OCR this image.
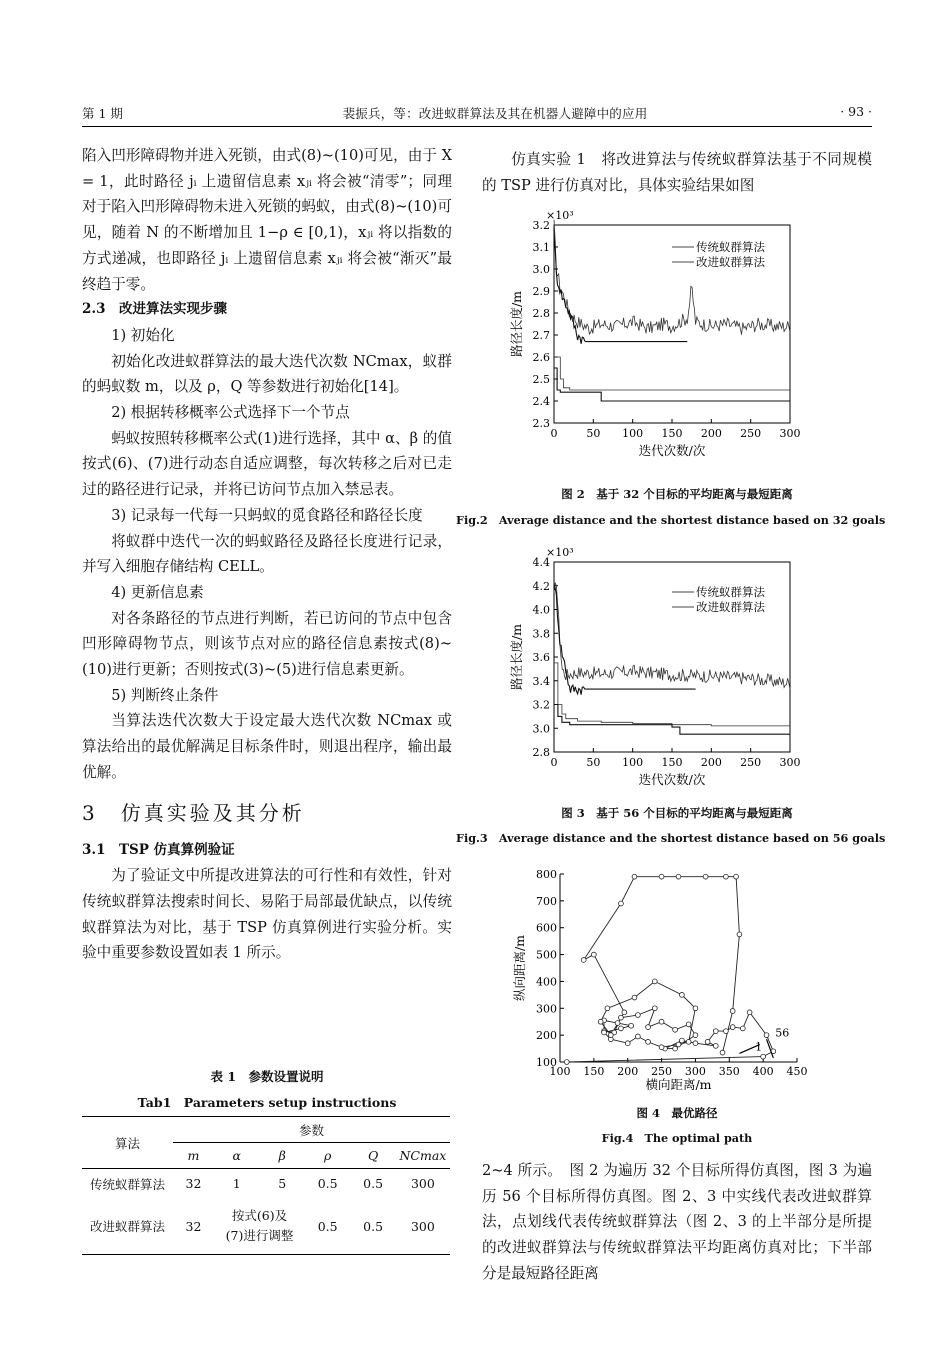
第 1 期	裴振兵，等：改进蚁群算法及其在机器人避障中的应用	· 93 ·

陷入凹形障碍物并进入死锁，由式(8)~(10)可见，由于 X = 1，此时路径 jᵢ 上遗留信息素 xⱼᵢ 将会被“清零”；同理对于陷入凹形障碍物未进入死锁的蚂蚁，由式(8)~(10)可见，随着 N 的不断增加且 1−ρ ∈ [0,1)，xⱼᵢ 将以指数的方式递减，也即路径 jᵢ 上遗留信息素 xⱼᵢ 将会被“渐灭”最终趋于零。

2.3　改进算法实现步骤

1) 初始化

初始化改进蚁群算法的最大迭代次数 NCmax，蚁群的蚂蚁数 m，以及 ρ，Q 等参数进行初始化[14]。

2) 根据转移概率公式选择下一个节点

蚂蚁按照转移概率公式(1)进行选择，其中 α、β 的值按式(6)、(7)进行动态自适应调整，每次转移之后对已走过的路径进行记录，并将已访问节点加入禁忌表。

3) 记录每一代每一只蚂蚁的觅食路径和路径长度

将蚁群中迭代一次的蚂蚁路径及路径长度进行记录，并写入细胞存储结构 CELL。

4) 更新信息素

对各条路径的节点进行判断，若已访问的节点中包含凹形障碍物节点，则该节点对应的路径信息素按式(8)~(10)进行更新；否则按式(3)~(5)进行信息素更新。

5) 判断终止条件

当算法迭代次数大于设定最大迭代次数 NCmax 或算法给出的最优解满足目标条件时，则退出程序，输出最优解。

3　仿真实验及其分析

3.1　TSP 仿真算例验证

为了验证文中所提改进算法的可行性和有效性，针对传统蚁群算法搜索时间长、易陷于局部最优缺点，以传统蚁群算法为对比，基于 TSP 仿真算例进行实验分析。实验中重要参数设置如表 1 所示。

表 1　参数设置说明
Tab1　Parameters setup instructions

算法	参数					
	m	α	β	ρ	Q	NCmax
传统蚁群算法	32	1	5	0.5	0.5	300
改进蚁群算法	32	按式(6)及
(7)进行调整		0.5	0.5	300

仿真实验 1　将改进算法与传统蚁群算法基于不同规模的 TSP 进行仿真对比，具体实验结果如图

2~4 所示。　图 2 为遍历 32 个目标所得仿真图，图 3 为遍历 56 个目标所得仿真图。图 2、3 中实线代表改进蚁群算法，点划线代表传统蚁群算法（图 2、3 的上半部分是所提的改进蚁群算法与传统蚁群算法平均距离仿真对比；下半部分是最短路径距离

2.3
2.4
2.5
2.6
2.7
2.8
2.9
3.0
3.1
3.2
0	50 100 150 200 250 300
×10³
迭代次数/次
路径长度/m
传统蚁群算法
改进蚁群算法
图 2　基于 32 个目标的平均距离与最短距离
Fig.2　Average distance and the shortest distance based on 32 goals
2.8
3.0
3.2
3.4
3.6
3.8
4.0
4.2
4.4
0	50 100 150 200 250 300
×10³
迭代次数/次
路径长度/m
传统蚁群算法
改进蚁群算法
图 3　基于 56 个目标的平均距离与最短距离
Fig.3　Average distance and the shortest distance based on 56 goals
100
200
300
400
500
600
700
800
100 150 200 250 300 350 400 450
横向距离/m
纵向距离/m
1
56
图 4　最优路径
Fig.4　The optimal path
